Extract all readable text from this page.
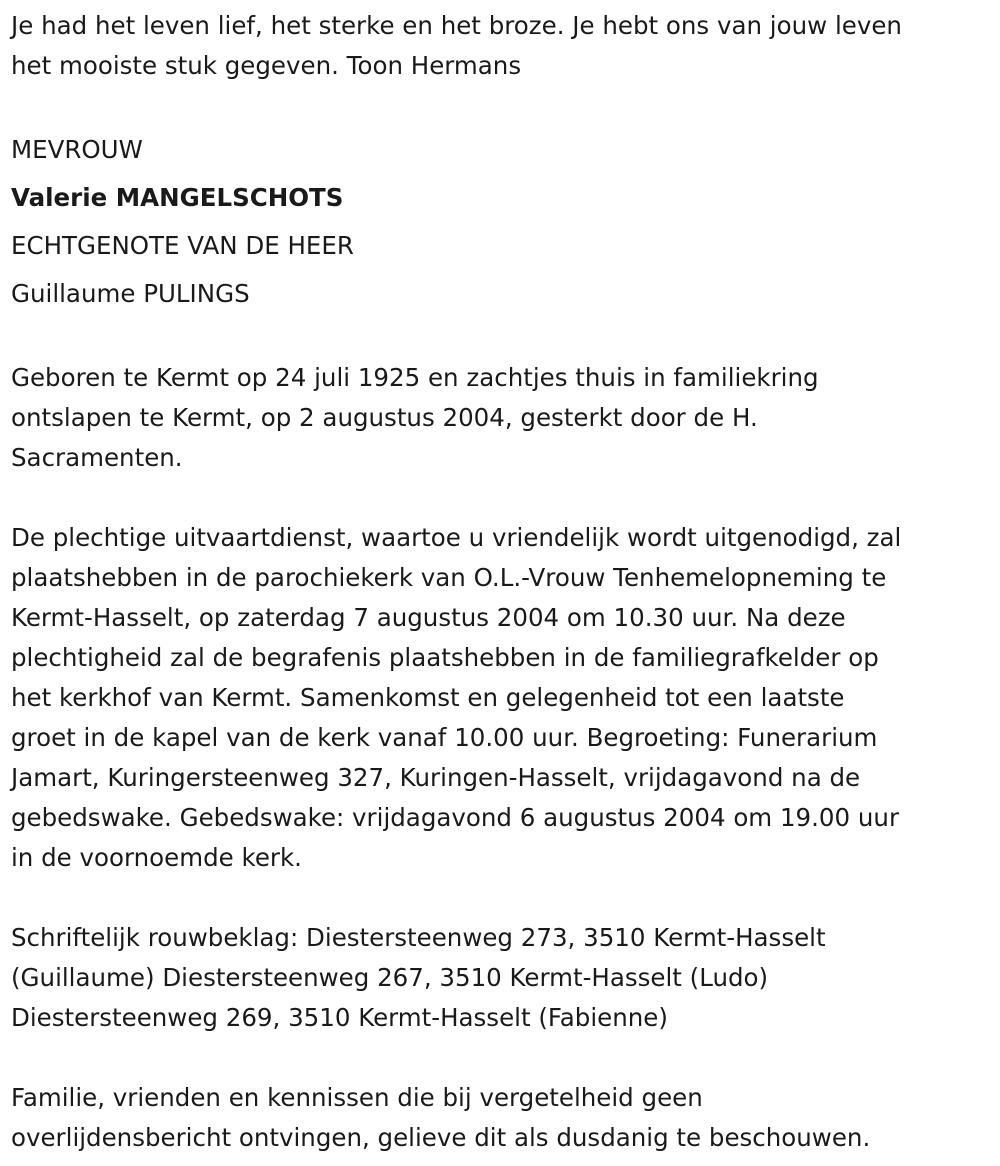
Je had het leven lief, het sterke en het broze. Je hebt ons van jouw leven
het mooiste stuk gegeven. Toon Hermans
MEVROUW
Valerie MANGELSCHOTS
ECHTGENOTE VAN DE HEER
Guillaume PULINGS
Geboren te Kermt op 24 juli 1925 en zachtjes thuis in familiekring
ontslapen te Kermt, op 2 augustus 2004, gesterkt door de H.
Sacramenten.
De plechtige uitvaartdienst, waartoe u vriendelijk wordt uitgenodigd, zal
plaatshebben in de parochiekerk van O.L.-Vrouw Tenhemelopneming te
Kermt-Hasselt, op zaterdag 7 augustus 2004 om 10.30 uur. Na deze
plechtigheid zal de begrafenis plaatshebben in de familiegrafkelder op
het kerkhof van Kermt. Samenkomst en gelegenheid tot een laatste
groet in de kapel van de kerk vanaf 10.00 uur. Begroeting: Funerarium
Jamart, Kuringersteenweg 327, Kuringen-Hasselt, vrijdagavond na de
gebedswake. Gebedswake: vrijdagavond 6 augustus 2004 om 19.00 uur
in de voornoemde kerk.
Schriftelijk rouwbeklag: Diestersteenweg 273, 3510 Kermt-Hasselt
(Guillaume) Diestersteenweg 267, 3510 Kermt-Hasselt (Ludo)
Diestersteenweg 269, 3510 Kermt-Hasselt (Fabienne)
Familie, vrienden en kennissen die bij vergetelheid geen
overlijdensbericht ontvingen, gelieve dit als dusdanig te beschouwen.
